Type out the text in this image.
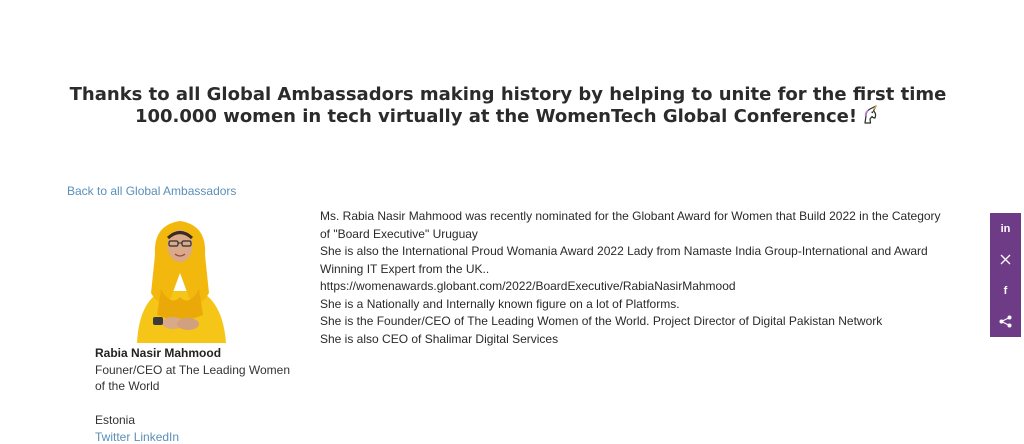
Thanks to all Global Ambassadors making history by helping to unite for the first time
100.000 women in tech virtually at the WomenTech Global Conference!
Back to all Global Ambassadors
Rabia Nasir Mahmood
Founer/CEO at The Leading Women of the World
Estonia
Twitter LinkedIn

Ms. Rabia Nasir Mahmood was recently nominated for the Globant Award for Women that Build 2022 in the Category of "Board Executive" Uruguay

She is also the International Proud Womania Award 2022 Lady from Namaste India Group-International and Award Winning IT Expert from the UK..

https://womenawards.globant.com/2022/BoardExecutive/RabiaNasirMahmood

She is a Nationally and Internally known figure on a lot of Platforms.

She is the Founder/CEO of The Leading Women of the World. Project Director of Digital Pakistan Network

She is also CEO of Shalimar Digital Services

in
f
